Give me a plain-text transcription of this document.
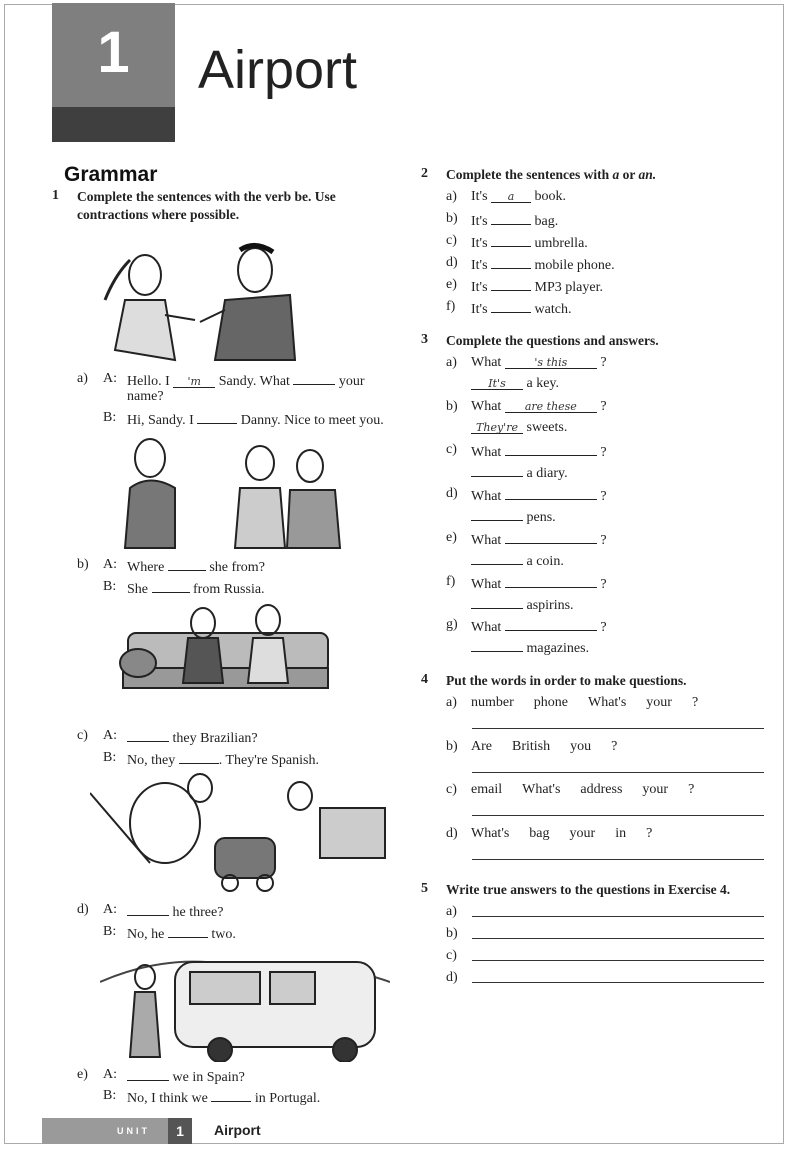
1	Airport
Grammar
1 Complete the sentences with the verb be. Use
contractions where possible.
a) A: Hello. I 'm Sandy. What	your
name?
B: Hi, Sandy. I	Danny. Nice to meet you.
b) A: Where	she from?
B: She	from Russia.
c) A:	they Brazilian?
B: No, they	. They're Spanish.
d) A:	he three?
B: No, he	two.
e) A:	we in Spain?
B: No, I think we	in Portugal.
2 Complete the sentences with a or an.
a) It's a book.
b) It's	bag.
c) It's	umbrella.
d) It's	mobile phone.
e) It's	MP3 player.
f) It's	watch.
3 Complete the questions and answers.
a) What	's this ?
It's a key.
b) What are these ?
They're sweets.
c) What	?
a diary.
d) What	?
pens.
e) What	?
a coin.
f) What	?
aspirins.
g) What	?
magazines.
4 Put the words in order to make questions.
a) number phone What's your ?
b) Are British you ?
c) email What's address your ?
d) What's bag your in ?
5 Write true answers to the questions in Exercise 4.
a)
b)
c)
d)
UNIT	1	Airport
